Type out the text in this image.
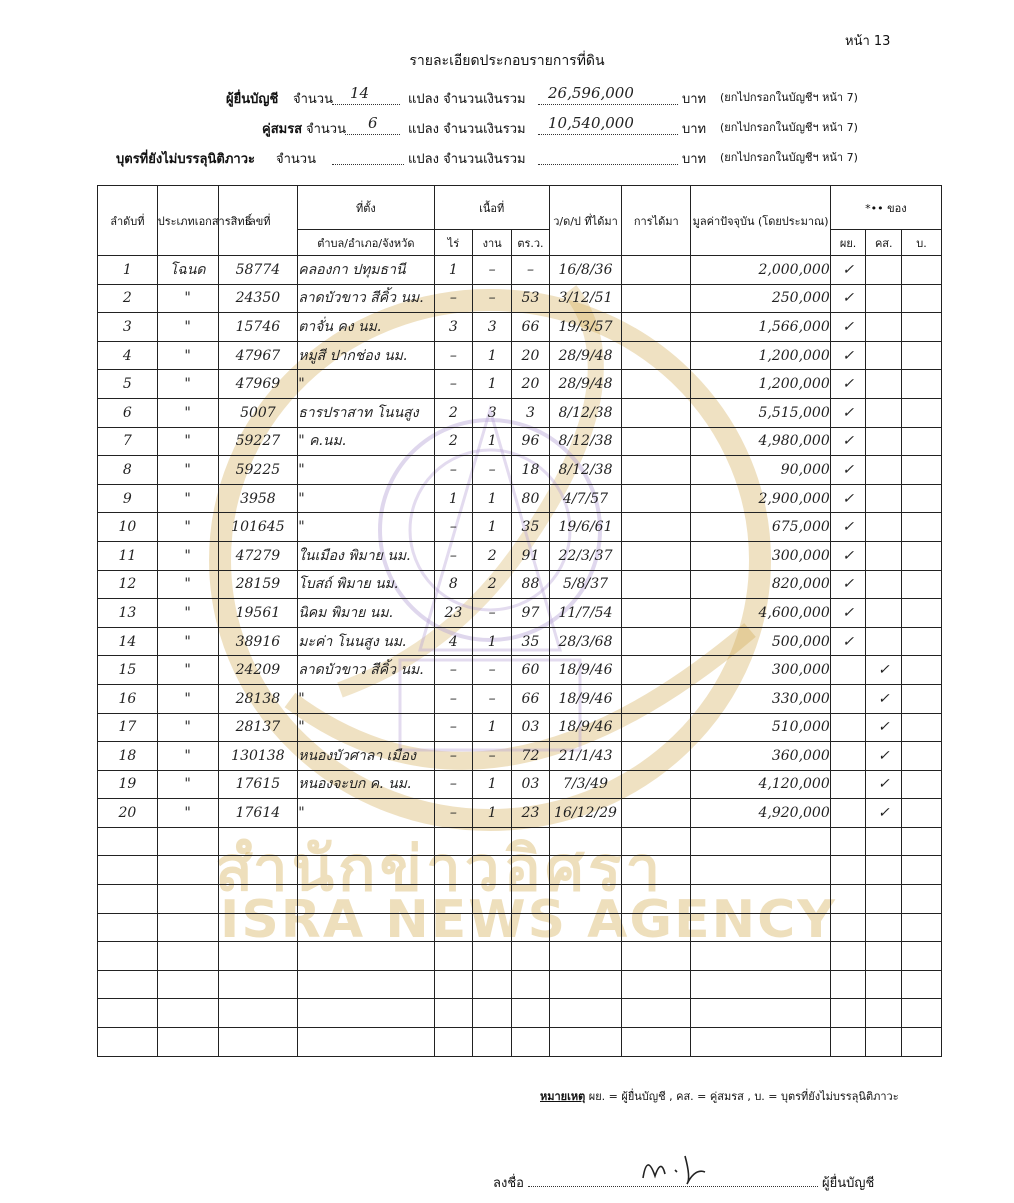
สำนักข่าวอิศรา
ISRA NEWS AGENCY
หน้า 13
รายละเอียดประกอบรายการที่ดิน
ผู้ยื่นบัญชี จำนวน 14	แปลง จำนวนเงินรวม 26,596,000	บาท (ยกไปกรอกในบัญชีฯ หน้า 7)
คู่สมรส จำนวน 6 แปลง จำนวนเงินรวม 10,540,000	บาท (ยกไปกรอกในบัญชีฯ หน้า 7)
บุตรที่ยังไม่บรรลุนิติภาวะ จำนวน	แปลง จำนวนเงินรวม	บาท (ยกไปกรอกในบัญชีฯ หน้า 7)
ลำดับที่	ประเภทเอกสารสิทธิ์	เลขที่	ที่ตั้ง	เนื้อที่			ว/ด/ป ที่ได้มา	การได้มา	มูลค่าปัจจุบัน (โดยประมาณ)	*•• ของ		
			ตำบล/อำเภอ/จังหวัด	ไร่	งาน	ตร.ว.				ผย.	คส.	บ.
1	โฉนด	58774	คลองกา ปทุมธานี	1	–	–	16/8/36		2,000,000	✓		
2	"	24350	ลาดบัวขาว สีคิ้ว นม.	–	–	53	3/12/51		250,000	✓		
3	"	15746	ตาจั่น คง นม.	3	3	66	19/3/57		1,566,000	✓		
4	"	47967	หมูสี ปากช่อง นม.	–	1	20	28/9/48		1,200,000	✓		
5	"	47969	"	–	1	20	28/9/48		1,200,000	✓		
6	"	5007	ธารปราสาท โนนสูง	2	3	3	8/12/38		5,515,000	✓		
7	"	59227	" ค.นม.	2	1	96	8/12/38		4,980,000	✓		
8	"	59225	"	–	–	18	8/12/38		90,000	✓		
9	"	3958	"	1	1	80	4/7/57		2,900,000	✓		
10	"	101645	"	–	1	35	19/6/61		675,000	✓		
11	"	47279	ในเมือง พิมาย นม.	–	2	91	22/3/37		300,000	✓		
12	"	28159	โบสถ์ พิมาย นม.	8	2	88	5/8/37		820,000	✓		
13	"	19561	นิคม พิมาย นม.	23	–	97	11/7/54		4,600,000	✓		
14	"	38916	มะค่า โนนสูง นม.	4	1	35	28/3/68		500,000	✓		
15	"	24209	ลาดบัวขาว สีคิ้ว นม.	–	–	60	18/9/46		300,000		✓	
16	"	28138	"	–	–	66	18/9/46		330,000		✓	
17	"	28137	"	–	1	03	18/9/46		510,000		✓	
18	"	130138	หนองบัวศาลา เมือง	–	–	72	21/1/43		360,000		✓	
19	"	17615	หนองจะบก ค. นม.	–	1	03	7/3/49		4,120,000		✓	
20	"	17614	"	–	1	23	16/12/29		4,920,000		✓	

หมายเหตุ ผย. = ผู้ยื่นบัญชี , คส. = คู่สมรส , บ. = บุตรที่ยังไม่บรรลุนิติภาวะ
ลงชื่อ	ผู้ยื่นบัญชี
